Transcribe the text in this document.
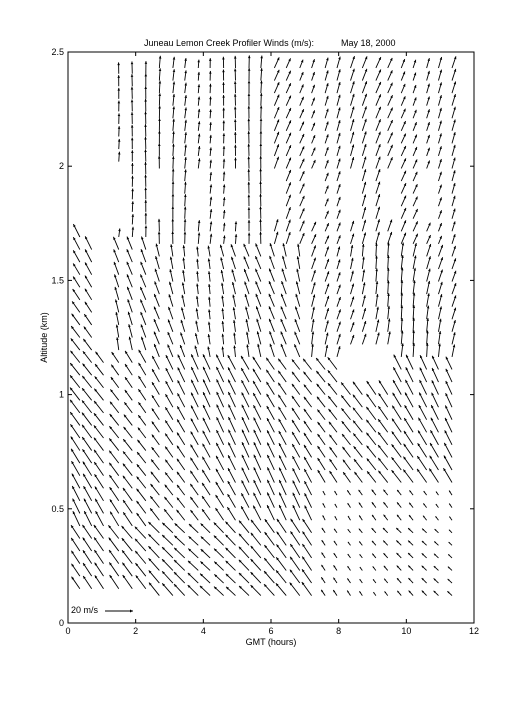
Juneau Lemon Creek Profiler Winds (m/s):	May 18, 2000
0	2	4	6	8	10	12
0
0.5
1
1.5
2
2.5
20 m/s
GMT (hours)
Altitude (km)
